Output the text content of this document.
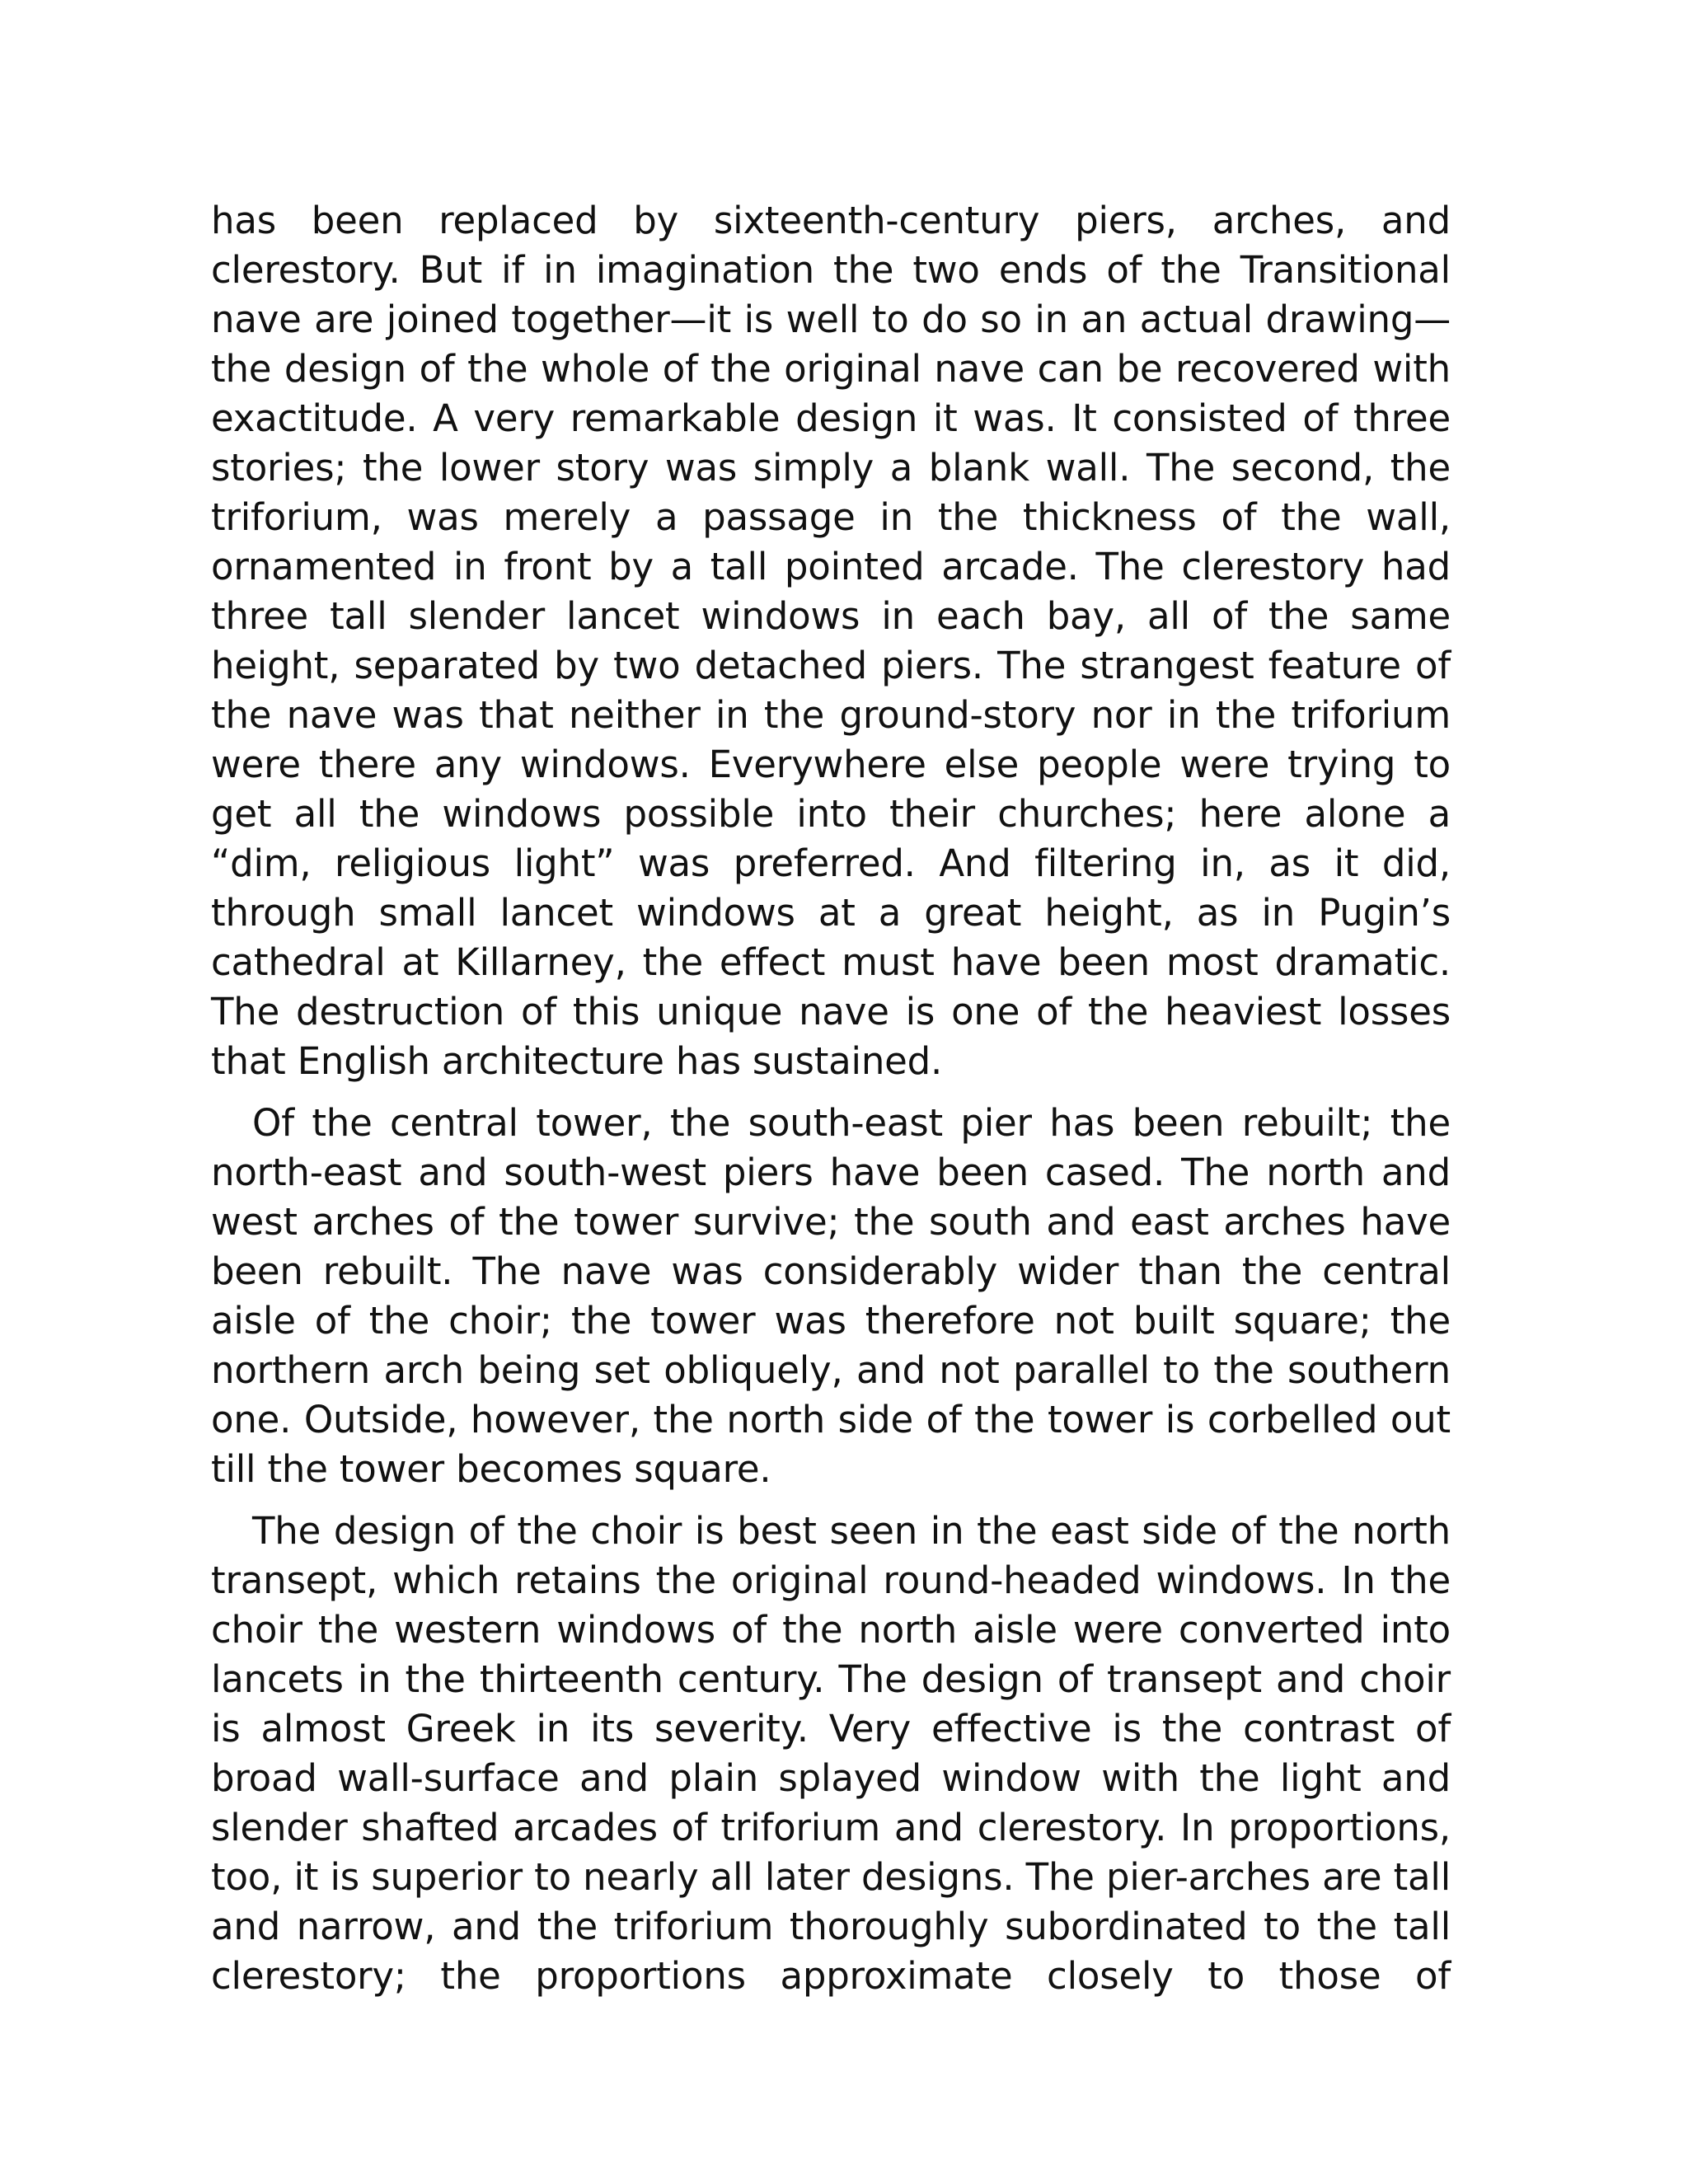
has been replaced by sixteenth-century piers, arches, and clerestory. But if in imagination the two ends of the Transitional nave are joined together—it is well to do so in an actual drawing—the design of the whole of the original nave can be recovered with exactitude. A very remarkable design it was. It consisted of three stories; the lower story was simply a blank wall. The second, the triforium, was merely a passage in the thickness of the wall, ornamented in front by a tall pointed arcade. The clerestory had three tall slender lancet windows in each bay, all of the same height, separated by two detached piers. The strangest feature of the nave was that neither in the ground-story nor in the triforium were there any windows. Everywhere else people were trying to get all the windows possible into their churches; here alone a “dim, religious light” was preferred. And filtering in, as it did, through small lancet windows at a great height, as in Pugin’s cathedral at Killarney, the effect must have been most dramatic. The destruction of this unique nave is one of the heaviest losses that English architecture has sustained.

Of the central tower, the south-east pier has been rebuilt; the north-east and south-west piers have been cased. The north and west arches of the tower survive; the south and east arches have been rebuilt. The nave was considerably wider than the central aisle of the choir; the tower was therefore not built square; the northern arch being set obliquely, and not parallel to the southern one. Outside, however, the north side of the tower is corbelled out till the tower becomes square.

The design of the choir is best seen in the east side of the north transept, which retains the original round-headed windows. In the choir the western windows of the north aisle were converted into lancets in the thirteenth century. The design of transept and choir is almost Greek in its severity. Very effective is the contrast of broad wall-surface and plain splayed window with the light and slender shafted arcades of triforium and clerestory. In proportions, too, it is superior to nearly all later designs. The pier-arches are tall and narrow, and the triforium thoroughly subordinated to the tall clerestory; the proportions approximate closely to those of
